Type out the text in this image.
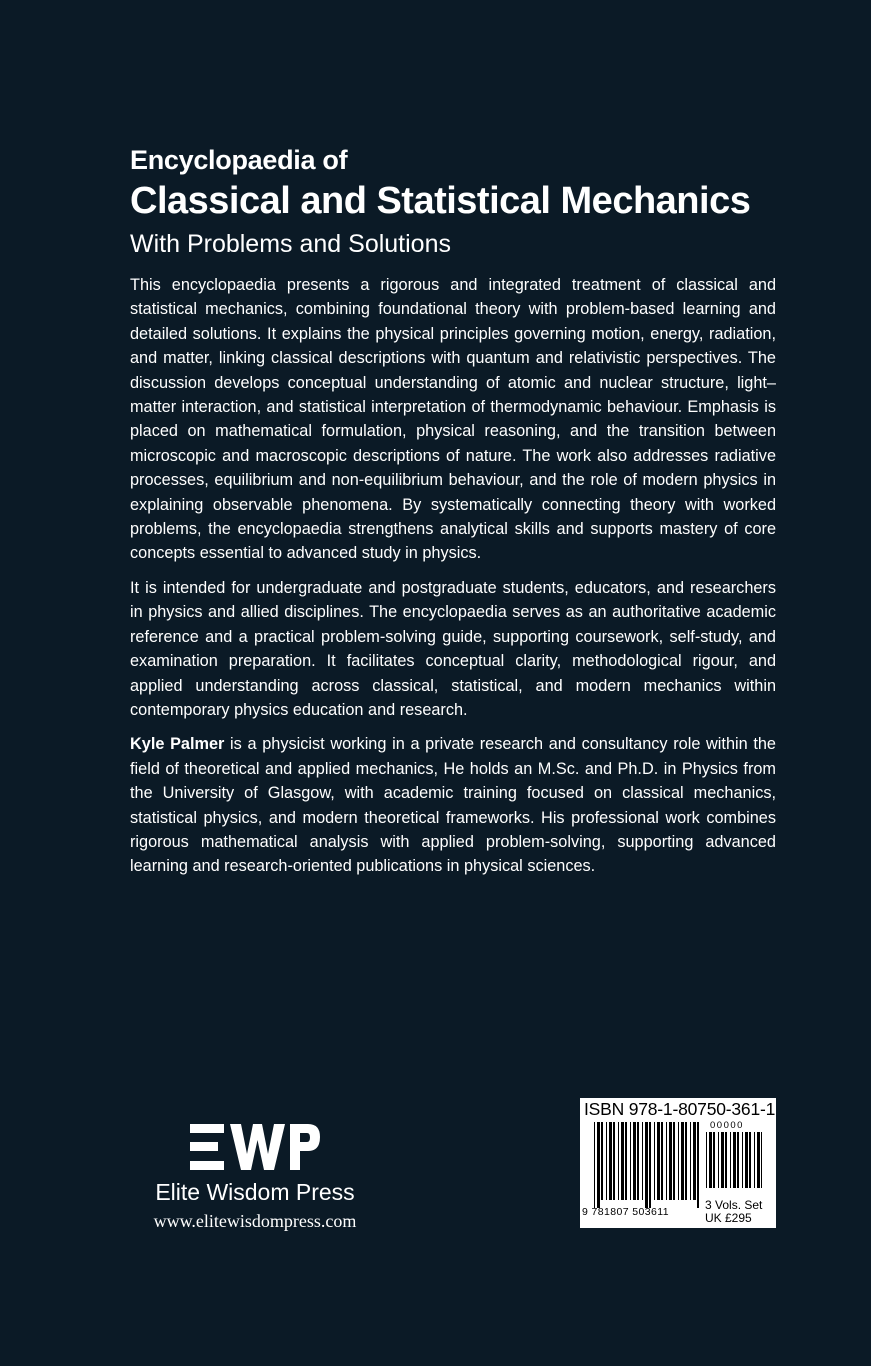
Encyclopaedia of
Classical and Statistical Mechanics
With Problems and Solutions

This encyclopaedia presents a rigorous and integrated treatment of classical and statistical mechanics, combining foundational theory with problem-based learning and detailed solutions. It explains the physical principles governing motion, energy, radiation, and matter, linking classical descriptions with quantum and relativistic perspectives. The discussion develops conceptual understanding of atomic and nuclear structure, light–matter interaction, and statistical interpretation of thermodynamic behaviour. Emphasis is placed on mathematical formulation, physical reasoning, and the transition between microscopic and macroscopic descriptions of nature. The work also addresses radiative processes, equilibrium and non-equilibrium behaviour, and the role of modern physics in explaining observable phenomena. By systematically connecting theory with worked problems, the encyclopaedia strengthens analytical skills and supports mastery of core concepts essential to advanced study in physics.

It is intended for undergraduate and postgraduate students, educators, and researchers in physics and allied disciplines. The encyclopaedia serves as an authoritative academic reference and a practical problem-solving guide, supporting coursework, self-study, and examination preparation. It facilitates conceptual clarity, methodological rigour, and applied understanding across classical, statistical, and modern mechanics within contemporary physics education and research.

Kyle Palmer is a physicist working in a private research and consultancy role within the field of theoretical and applied mechanics, He holds an M.Sc. and Ph.D. in Physics from the University of Glasgow, with academic training focused on classical mechanics, statistical physics, and modern theoretical frameworks. His professional work combines rigorous mathematical analysis with applied problem-solving, supporting advanced learning and research-oriented publications in physical sciences.

Elite Wisdom Press
www.elitewisdompress.com
ISBN 978-1-80750-361-1
9 781807 503611
00000
3 Vols. Set
UK £295
